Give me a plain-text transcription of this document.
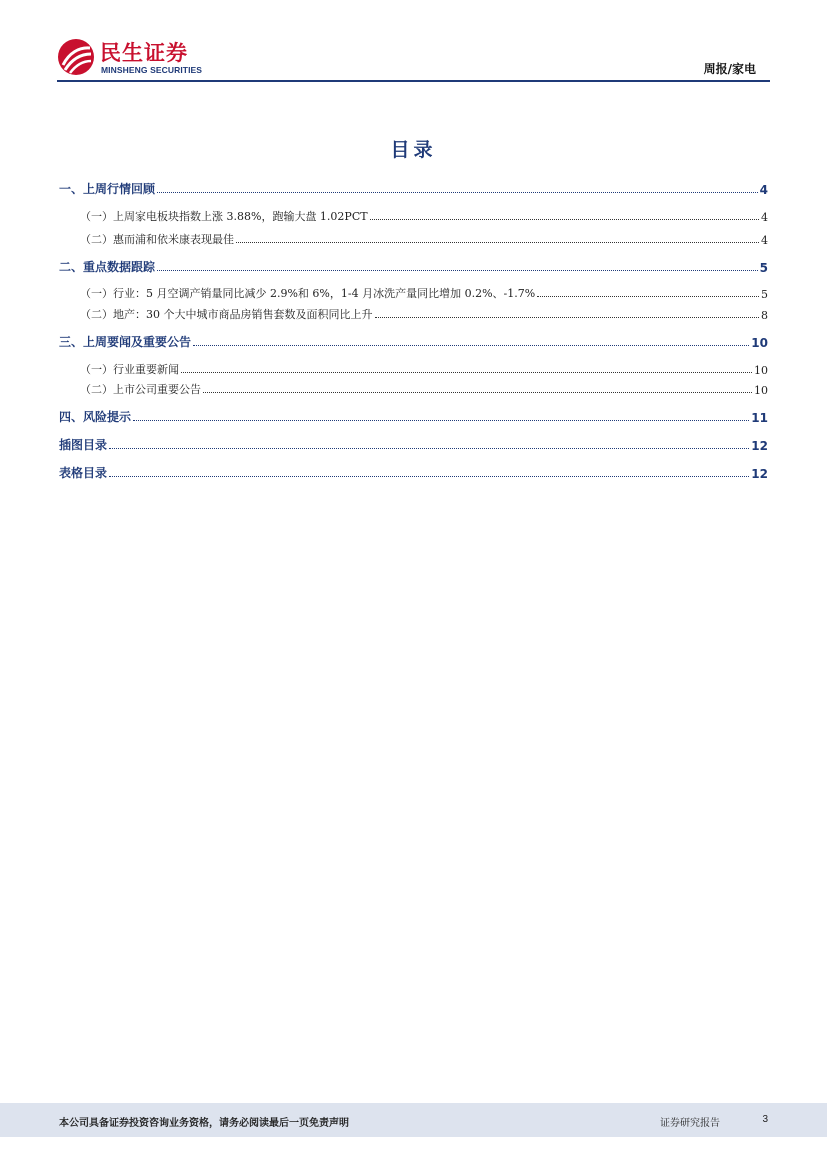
民生证券
MINSHENG SECURITIES	周报/家电
目录
一、上周行情回顾	4
（一）上周家电板块指数上涨 3.88%，跑输大盘 1.02PCT	4
（二）惠而浦和依米康表现最佳	4
二、重点数据跟踪	5
（一）行业：5 月空调产销量同比减少 2.9%和 6%，1-4 月冰洗产量同比增加 0.2%、-1.7%	5
（二）地产：30 个大中城市商品房销售套数及面积同比上升	8
三、上周要闻及重要公告	10
（一）行业重要新闻	10
（二）上市公司重要公告	10
四、风险提示	11
插图目录	12
表格目录	12
本公司具备证券投资咨询业务资格，请务必阅读最后一页免责声明	证券研究报告	3
